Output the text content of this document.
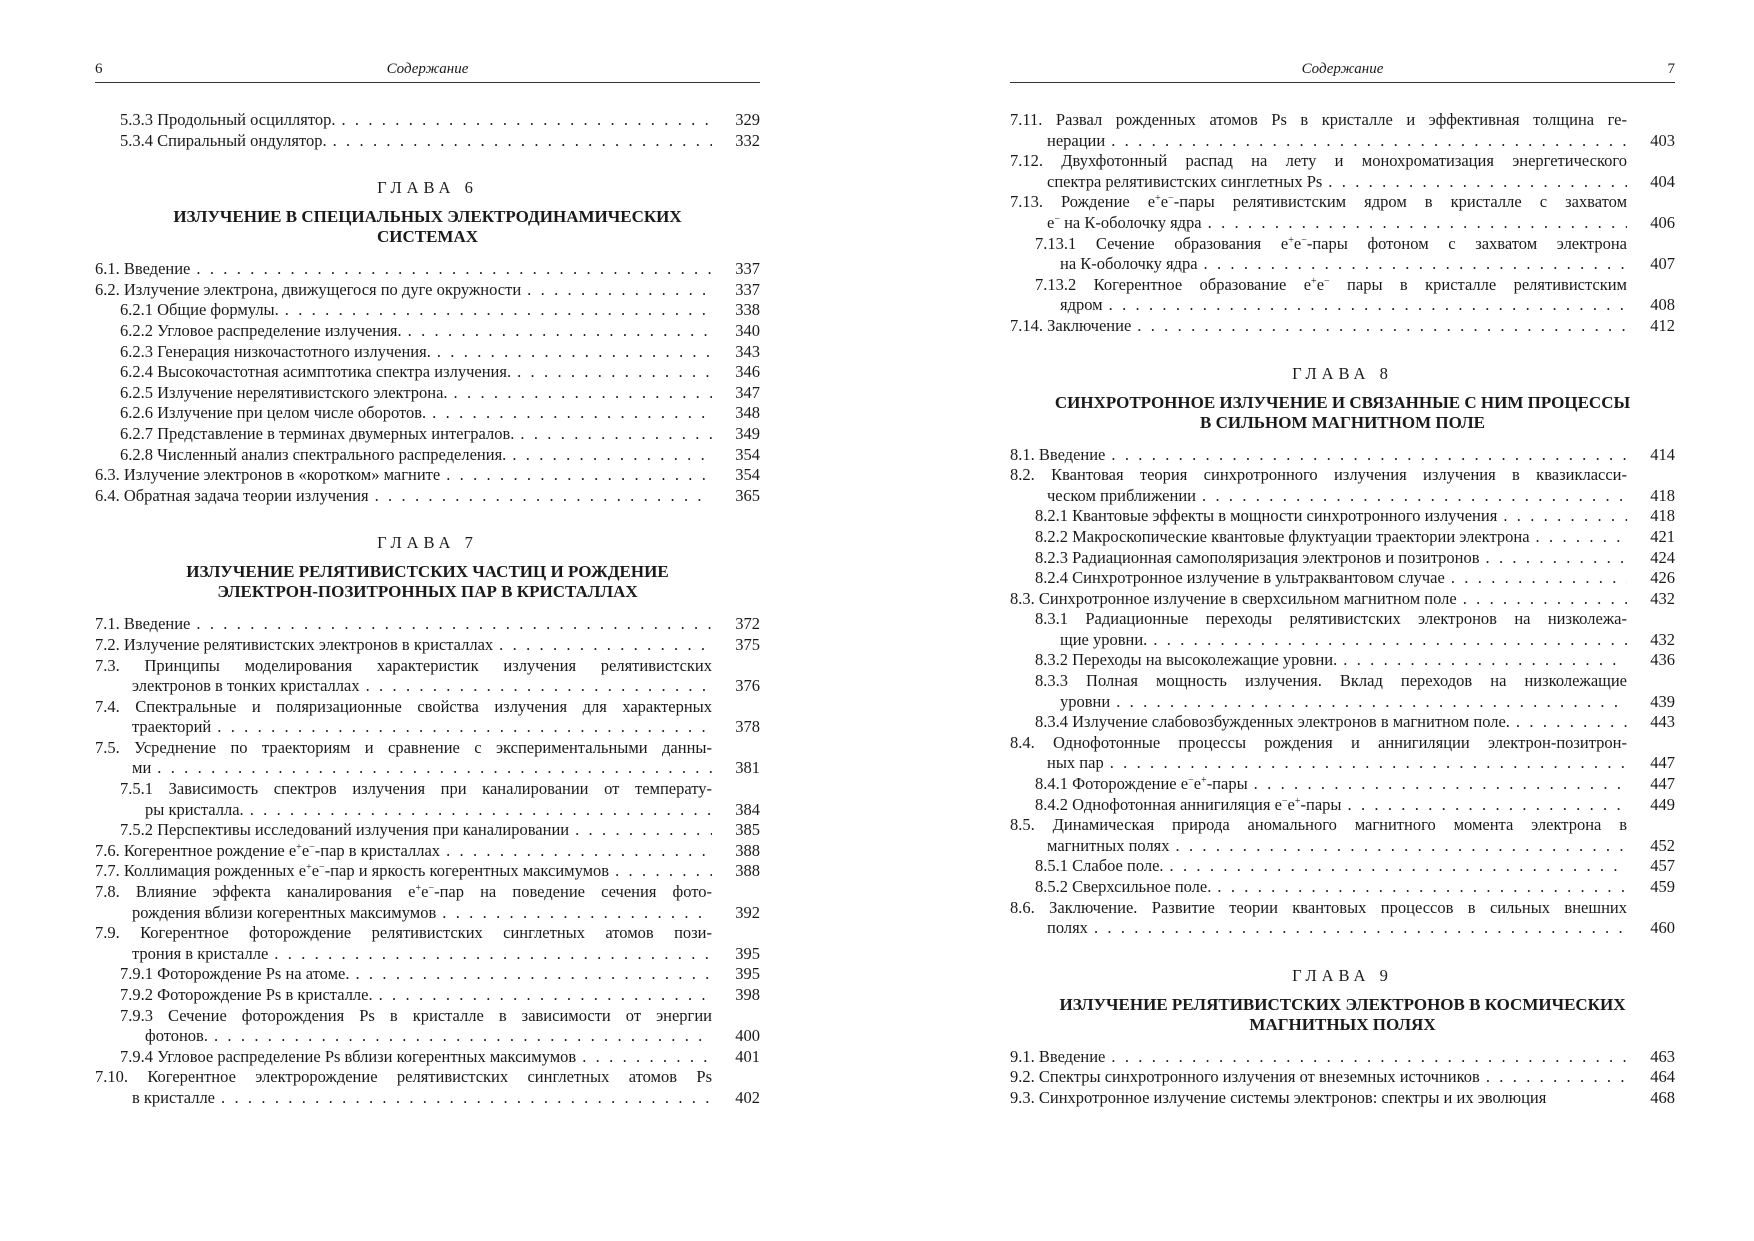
6	Содержание
5.3.3 Продольный осциллятор. . . .	329
5.3.4 Спиральный ондулятор. . . .	332
ГЛАВА 6
ИЗЛУЧЕНИЕ В СПЕЦИАЛЬНЫХ ЭЛЕКТРОДИНАМИЧЕСКИХ СИСТЕМАХ
6.1. Введение . . .	337
6.2. Излучение электрона, движущегося по дуге окружности . . .	337
6.2.1 Общие формулы. . . .	338
6.2.2 Угловое распределение излучения. . . .	340
6.2.3 Генерация низкочастотного излучения. . . .	343
6.2.4 Высокочастотная асимптотика спектра излучения. . . .	346
6.2.5 Излучение нерелятивистского электрона. . . .	347
6.2.6 Излучение при целом числе оборотов. . . .	348
6.2.7 Представление в терминах двумерных интегралов. . . .	349
6.2.8 Численный анализ спектрального распределения. . . .	354
6.3. Излучение электронов в «коротком» магните . . .	354
6.4. Обратная задача теории излучения . . .	365
ГЛАВА 7
ИЗЛУЧЕНИЕ РЕЛЯТИВИСТСКИХ ЧАСТИЦ И РОЖДЕНИЕ ЭЛЕКТРОН-ПОЗИТРОННЫХ ПАР В КРИСТАЛЛАХ
7.1. Введение . . .	372
7.2. Излучение релятивистских электронов в кристаллах . . .	375
7.3. Принципы моделирования характеристик излучения релятивистских
электронов в тонких кристаллах . . .	376
7.4. Спектральные и поляризационные свойства излучения для характерных
траекторий . . .	378
7.5. Усреднение по траекториям и сравнение с экспериментальными данны-
ми . . .	381
7.5.1 Зависимость спектров излучения при каналировании от температу-
ры кристалла. . . .	384
7.5.2 Перспективы исследований излучения при каналировании . . .	385
7.6. Когерентное рождение e+e−-пар в кристаллах . . .	388
7.7. Коллимация рожденных e+e−-пар и яркость когерентных максимумов . . .	388
7.8. Влияние эффекта каналирования e+e−-пар на поведение сечения фото-
рождения вблизи когерентных максимумов . . .	392
7.9. Когерентное фоторождение релятивистских синглетных атомов пози-
трония в кристалле . . .	395
7.9.1 Фоторождение Ps на атоме. . . .	395
7.9.2 Фоторождение Ps в кристалле. . . .	398
7.9.3 Сечение фоторождения Ps в кристалле в зависимости от энергии
фотонов. . . .	400
7.9.4 Угловое распределение Ps вблизи когерентных максимумов . . .	401
7.10. Когерентное электророждение релятивистских синглетных атомов Ps
в кристалле . . .	402
Содержание	7
7.11. Развал рожденных атомов Ps в кристалле и эффективная толщина ге-
нерации . . .	403
7.12. Двухфотонный распад на лету и монохроматизация энергетического
спектра релятивистских синглетных Ps . . .	404
7.13. Рождение e+e−-пары релятивистским ядром в кристалле с захватом
e− на К-оболочку ядра . . .	406
7.13.1 Сечение образования e+e−-пары фотоном с захватом электрона
на К-оболочку ядра . . .	407
7.13.2 Когерентное образование e+e− пары в кристалле релятивистским
ядром . . .	408
7.14. Заключение . . .	412
ГЛАВА 8
СИНХРОТРОННОЕ ИЗЛУЧЕНИЕ И СВЯЗАННЫЕ С НИМ ПРОЦЕССЫ В СИЛЬНОМ МАГНИТНОМ ПОЛЕ
8.1. Введение . . .	414
8.2. Квантовая теория синхротронного излучения излучения в квазикласси-
ческом приближении . . .	418
8.2.1 Квантовые эффекты в мощности синхротронного излучения . . .	418
8.2.2 Макроскопические квантовые флуктуации траектории электрона . . .	421
8.2.3 Радиационная самополяризация электронов и позитронов . . .	424
8.2.4 Синхротронное излучение в ультраквантовом случае . . .	426
8.3. Синхротронное излучение в сверхсильном магнитном поле . . .	432
8.3.1 Радиационные переходы релятивистских электронов на низколежа-
щие уровни. . . .	432
8.3.2 Переходы на высоколежащие уровни. . . .	436
8.3.3 Полная мощность излучения. Вклад переходов на низколежащие
уровни . . .	439
8.3.4 Излучение слабовозбужденных электронов в магнитном поле. . . .	443
8.4. Однофотонные процессы рождения и аннигиляции электрон-позитрон-
ных пар . . .	447
8.4.1 Фоторождение e−e+-пары . . .	447
8.4.2 Однофотонная аннигиляция e−e+-пары . . .	449
8.5. Динамическая природа аномального магнитного момента электрона в
магнитных полях . . .	452
8.5.1 Слабое поле. . . .	457
8.5.2 Сверхсильное поле. . . .	459
8.6. Заключение. Развитие теории квантовых процессов в сильных внешних
полях . . .	460
ГЛАВА 9
ИЗЛУЧЕНИЕ РЕЛЯТИВИСТСКИХ ЭЛЕКТРОНОВ В КОСМИЧЕСКИХ МАГНИТНЫХ ПОЛЯХ
9.1. Введение . . .	463
9.2. Спектры синхротронного излучения от внеземных источников . . .	464
9.3. Синхротронное излучение системы электронов: спектры и их эволюция	468
